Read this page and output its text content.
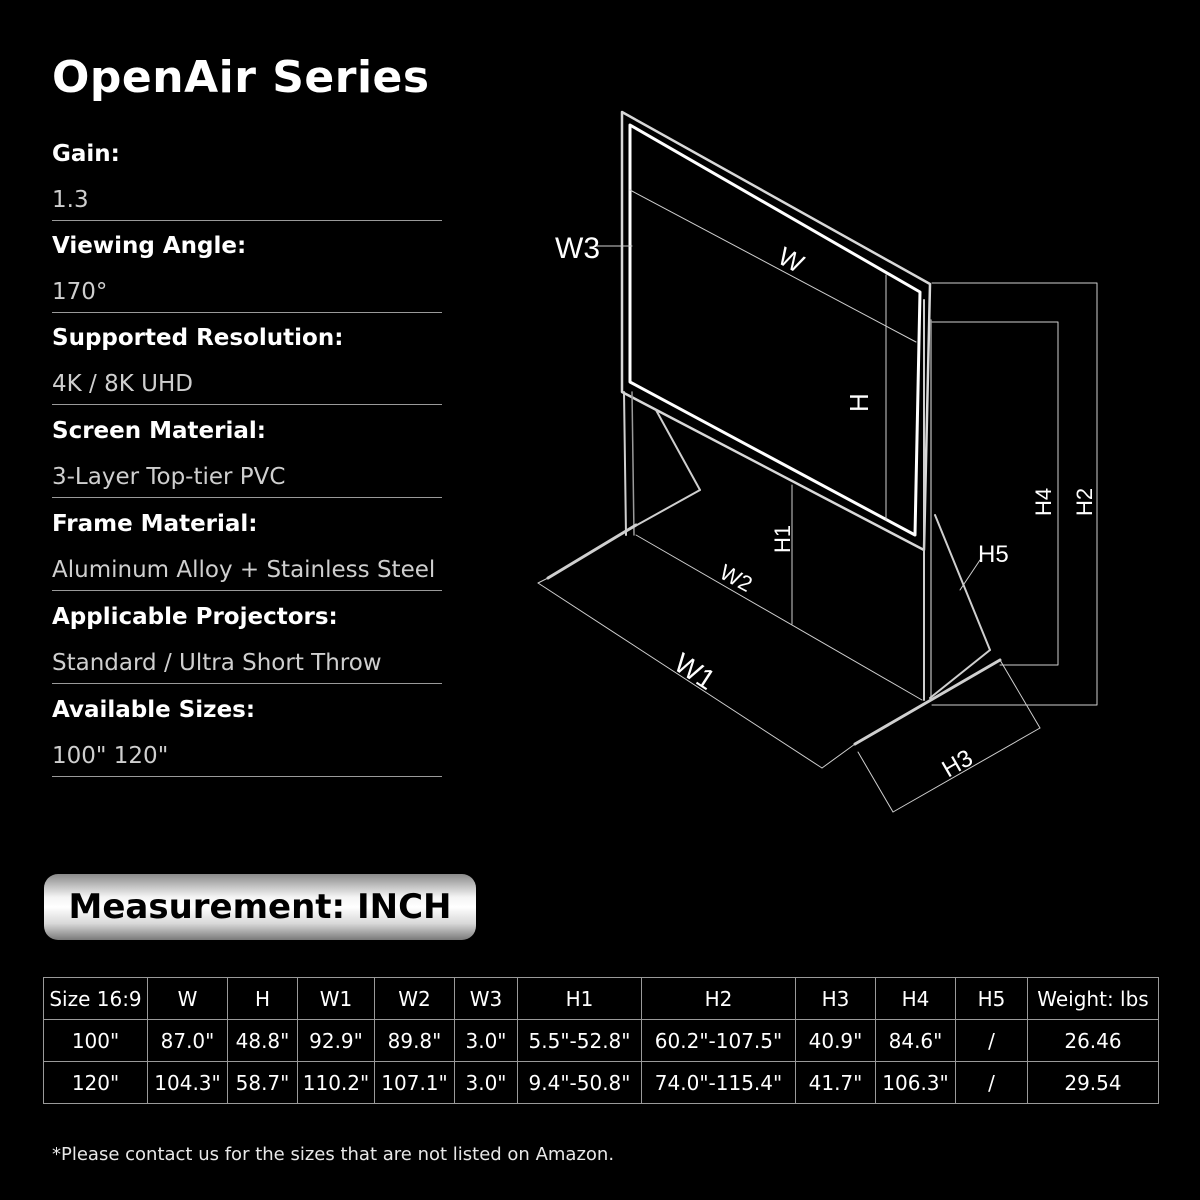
OpenAir Series
Gain:
1.3
Viewing Angle:
170°
Supported Resolution:
4K / 8K UHD
Screen Material:
3-Layer Top-tier PVC
Frame Material:
Aluminum Alloy + Stainless Steel
Applicable Projectors:
Standard / Ultra Short Throw
Available Sizes:
100" 120"
W
H
W3
H1
W2
W1
H3
H4 H2
H5
Measurement: INCH
Size 16:9	W	H	W1	W2	W3	H1	H2	H3	H4	H5	Weight: lbs
100"	87.0"	48.8"	92.9"	89.8"	3.0"	5.5"-52.8"	60.2"-107.5"	40.9"	84.6"	/	26.46
120"	104.3"	58.7"	110.2"	107.1"	3.0"	9.4"-50.8"	74.0"-115.4"	41.7"	106.3"	/	29.54
*Please contact us for the sizes that are not listed on Amazon.
